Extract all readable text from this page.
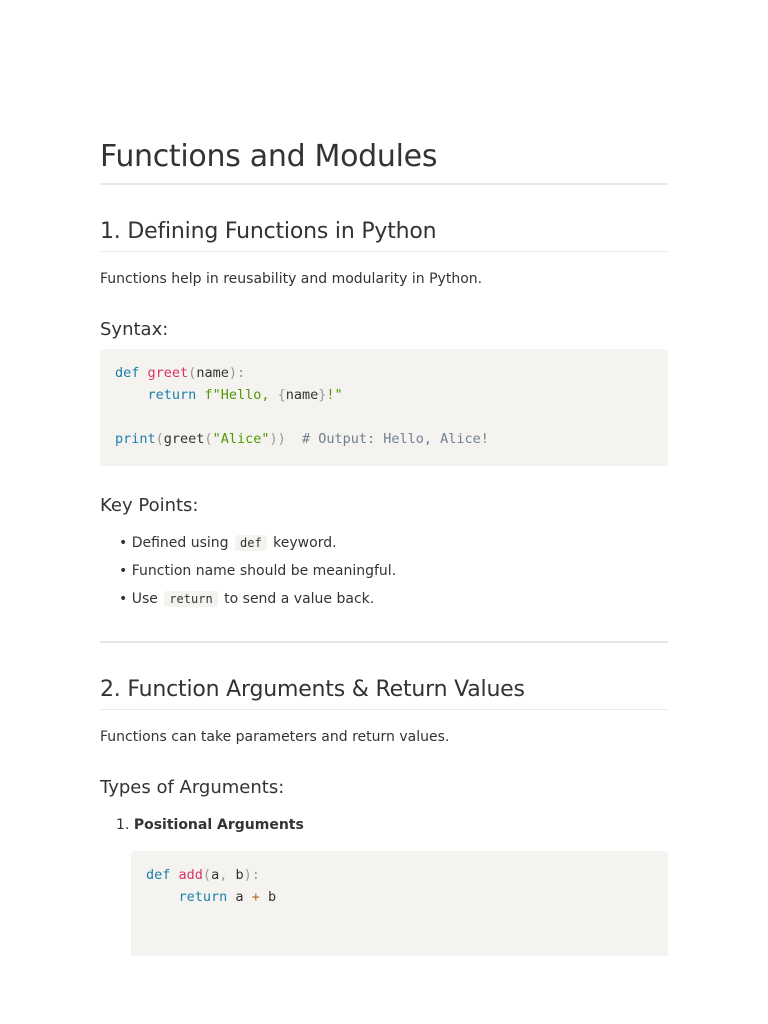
Functions and Modules
1. Defining Functions in Python
Functions help in reusability and modularity in Python.
Syntax:
def greet(name):
return f"Hello, {name}!"
print(greet("Alice"))  # Output: Hello, Alice!
Key Points:
• Defined using def keyword.
• Function name should be meaningful.
• Use return to send a value back.
2. Function Arguments & Return Values
Functions can take parameters and return values.
Types of Arguments:
1. Positional Arguments
def add(a, b):
return a + b
